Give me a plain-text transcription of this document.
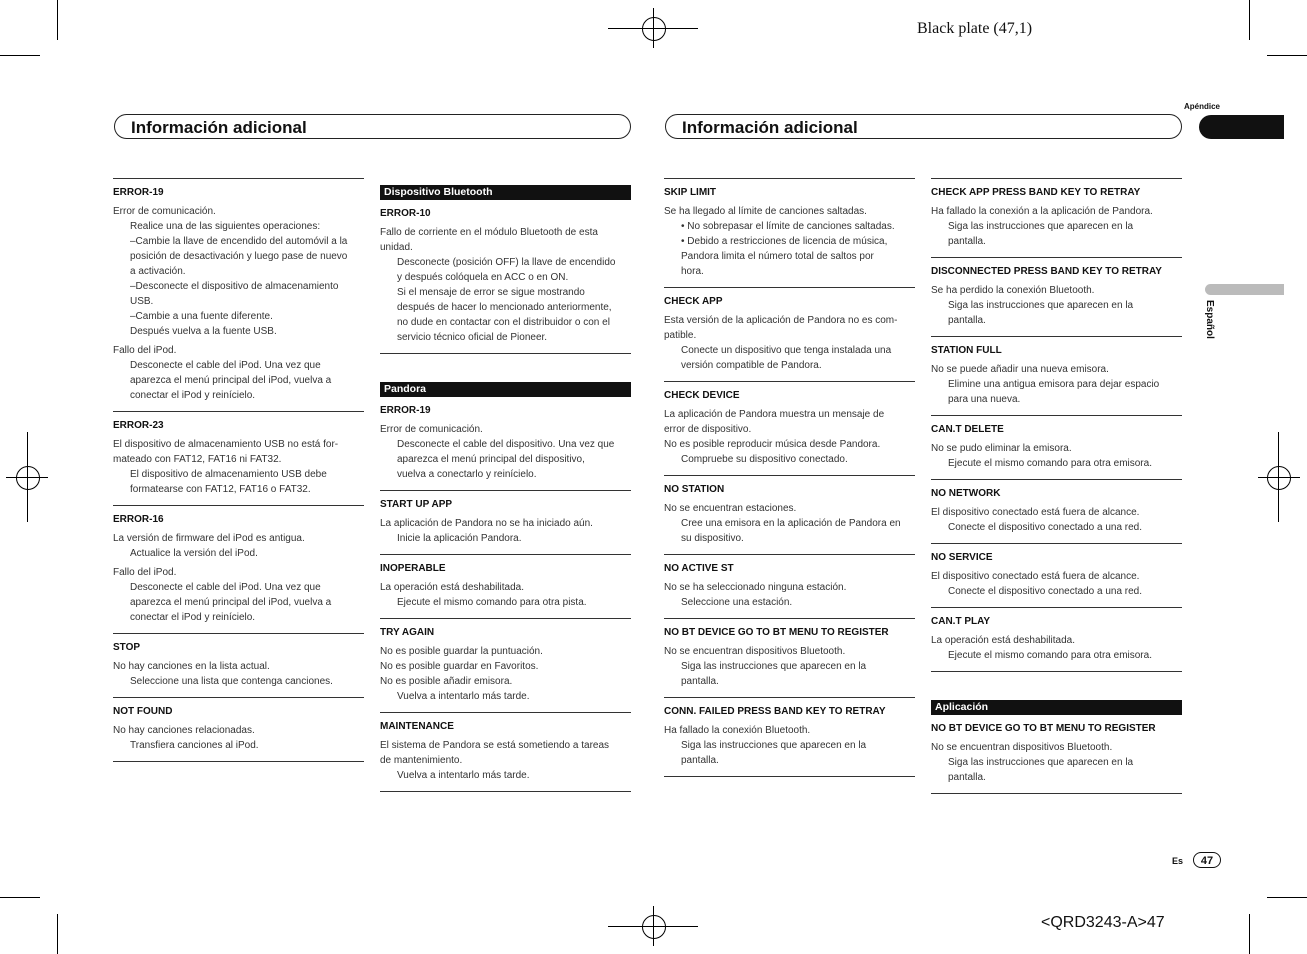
Black plate (47,1)
<QRD3243-A>47
Información adicional	Información adicional
Apéndice
Español
Es	47
ERROR-19
Error de comunicación.
Realice una de las siguientes operaciones:
–Cambie la llave de encendido del automóvil a la
posición de desactivación y luego pase de nuevo
a activación.
–Desconecte el dispositivo de almacenamiento
USB.
–Cambie a una fuente diferente.
Después vuelva a la fuente USB.
Fallo del iPod.
Desconecte el cable del iPod. Una vez que
aparezca el menú principal del iPod, vuelva a
conectar el iPod y reinícielo.
ERROR-23
El dispositivo de almacenamiento USB no está for-
mateado con FAT12, FAT16 ni FAT32.
El dispositivo de almacenamiento USB debe
formatearse con FAT12, FAT16 o FAT32.
ERROR-16
La versión de firmware del iPod es antigua.
Actualice la versión del iPod.
Fallo del iPod.
Desconecte el cable del iPod. Una vez que
aparezca el menú principal del iPod, vuelva a
conectar el iPod y reinícielo.
STOP
No hay canciones en la lista actual.
Seleccione una lista que contenga canciones.
NOT FOUND
No hay canciones relacionadas.
Transfiera canciones al iPod.
Dispositivo Bluetooth
ERROR-10
Fallo de corriente en el módulo Bluetooth de esta
unidad.
Desconecte (posición OFF) la llave de encendido
y después colóquela en ACC o en ON.
Si el mensaje de error se sigue mostrando
después de hacer lo mencionado anteriormente,
no dude en contactar con el distribuidor o con el
servicio técnico oficial de Pioneer.
Pandora
ERROR-19
Error de comunicación.
Desconecte el cable del dispositivo. Una vez que
aparezca el menú principal del dispositivo,
vuelva a conectarlo y reinícielo.
START UP APP
La aplicación de Pandora no se ha iniciado aún.
Inicie la aplicación Pandora.
INOPERABLE
La operación está deshabilitada.
Ejecute el mismo comando para otra pista.
TRY AGAIN
No es posible guardar la puntuación.
No es posible guardar en Favoritos.
No es posible añadir emisora.
Vuelva a intentarlo más tarde.
MAINTENANCE
El sistema de Pandora se está sometiendo a tareas
de mantenimiento.
Vuelva a intentarlo más tarde.
SKIP LIMIT
Se ha llegado al límite de canciones saltadas.
• No sobrepasar el límite de canciones saltadas.
• Debido a restricciones de licencia de música,
Pandora limita el número total de saltos por
hora.
CHECK APP
Esta versión de la aplicación de Pandora no es com-
patible.
Conecte un dispositivo que tenga instalada una
versión compatible de Pandora.
CHECK DEVICE
La aplicación de Pandora muestra un mensaje de
error de dispositivo.
No es posible reproducir música desde Pandora.
Compruebe su dispositivo conectado.
NO STATION
No se encuentran estaciones.
Cree una emisora en la aplicación de Pandora en
su dispositivo.
NO ACTIVE ST
No se ha seleccionado ninguna estación.
Seleccione una estación.
NO BT DEVICE GO TO BT MENU TO REGISTER
No se encuentran dispositivos Bluetooth.
Siga las instrucciones que aparecen en la
pantalla.
CONN. FAILED PRESS BAND KEY TO RETRAY
Ha fallado la conexión Bluetooth.
Siga las instrucciones que aparecen en la
pantalla.
CHECK APP PRESS BAND KEY TO RETRAY
Ha fallado la conexión a la aplicación de Pandora.
Siga las instrucciones que aparecen en la
pantalla.
DISCONNECTED PRESS BAND KEY TO RETRAY
Se ha perdido la conexión Bluetooth.
Siga las instrucciones que aparecen en la
pantalla.
STATION FULL
No se puede añadir una nueva emisora.
Elimine una antigua emisora para dejar espacio
para una nueva.
CAN.T DELETE
No se pudo eliminar la emisora.
Ejecute el mismo comando para otra emisora.
NO NETWORK
El dispositivo conectado está fuera de alcance.
Conecte el dispositivo conectado a una red.
NO SERVICE
El dispositivo conectado está fuera de alcance.
Conecte el dispositivo conectado a una red.
CAN.T PLAY
La operación está deshabilitada.
Ejecute el mismo comando para otra emisora.
Aplicación
NO BT DEVICE GO TO BT MENU TO REGISTER
No se encuentran dispositivos Bluetooth.
Siga las instrucciones que aparecen en la
pantalla.
